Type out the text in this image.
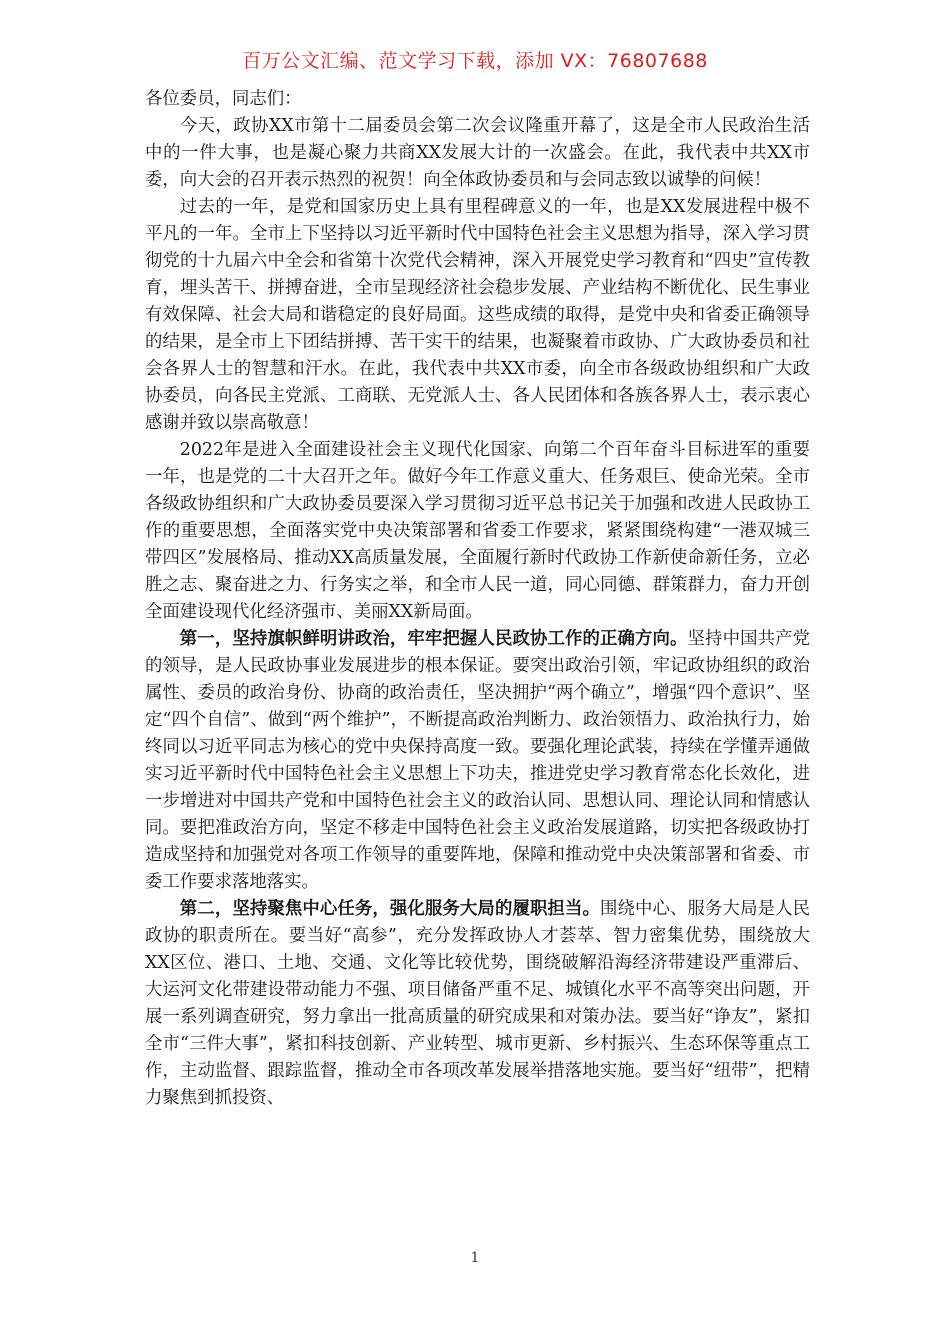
百万公文汇编、范文学习下载，添加 VX：76807688

各位委员，同志们：

今天，政协XX市第十二届委员会第二次会议隆重开幕了，这是全市人民政治生活中的一件大事，也是凝心聚力共商XX发展大计的一次盛会。在此，我代表中共XX市委，向大会的召开表示热烈的祝贺！向全体政协委员和与会同志致以诚挚的问候！

过去的一年，是党和国家历史上具有里程碑意义的一年，也是XX发展进程中极不平凡的一年。全市上下坚持以习近平新时代中国特色社会主义思想为指导，深入学习贯彻党的十九届六中全会和省第十次党代会精神，深入开展党史学习教育和“四史”宣传教育，埋头苦干、拼搏奋进，全市呈现经济社会稳步发展、产业结构不断优化、民生事业有效保障、社会大局和谐稳定的良好局面。这些成绩的取得，是党中央和省委正确领导的结果，是全市上下团结拼搏、苦干实干的结果，也凝聚着市政协、广大政协委员和社会各界人士的智慧和汗水。在此，我代表中共XX市委，向全市各级政协组织和广大政协委员，向各民主党派、工商联、无党派人士、各人民团体和各族各界人士，表示衷心感谢并致以崇高敬意！

2022年是进入全面建设社会主义现代化国家、向第二个百年奋斗目标进军的重要一年，也是党的二十大召开之年。做好今年工作意义重大、任务艰巨、使命光荣。全市各级政协组织和广大政协委员要深入学习贯彻习近平总书记关于加强和改进人民政协工作的重要思想，全面落实党中央决策部署和省委工作要求，紧紧围绕构建“一港双城三带四区”发展格局、推动XX高质量发展，全面履行新时代政协工作新使命新任务，立必胜之志、聚奋进之力、行务实之举，和全市人民一道，同心同德、群策群力，奋力开创全面建设现代化经济强市、美丽XX新局面。

第一，坚持旗帜鲜明讲政治，牢牢把握人民政协工作的正确方向。坚持中国共产党的领导，是人民政协事业发展进步的根本保证。要突出政治引领，牢记政协组织的政治属性、委员的政治身份、协商的政治责任，坚决拥护“两个确立”，增强“四个意识”、坚定“四个自信”、做到“两个维护”，不断提高政治判断力、政治领悟力、政治执行力，始终同以习近平同志为核心的党中央保持高度一致。要强化理论武装，持续在学懂弄通做实习近平新时代中国特色社会主义思想上下功夫，推进党史学习教育常态化长效化，进一步增进对中国共产党和中国特色社会主义的政治认同、思想认同、理论认同和情感认同。要把准政治方向，坚定不移走中国特色社会主义政治发展道路，切实把各级政协打造成坚持和加强党对各项工作领导的重要阵地，保障和推动党中央决策部署和省委、市委工作要求落地落实。

第二，坚持聚焦中心任务，强化服务大局的履职担当。围绕中心、服务大局是人民政协的职责所在。要当好“高参”，充分发挥政协人才荟萃、智力密集优势，围绕放大XX区位、港口、土地、交通、文化等比较优势，围绕破解沿海经济带建设严重滞后、大运河文化带建设带动能力不强、项目储备严重不足、城镇化水平不高等突出问题，开展一系列调查研究，努力拿出一批高质量的研究成果和对策办法。要当好“诤友”，紧扣全市“三件大事”，紧扣科技创新、产业转型、城市更新、乡村振兴、生态环保等重点工作，主动监督、跟踪监督，推动全市各项改革发展举措落地实施。要当好“纽带”，把精力聚焦到抓投资、

1
